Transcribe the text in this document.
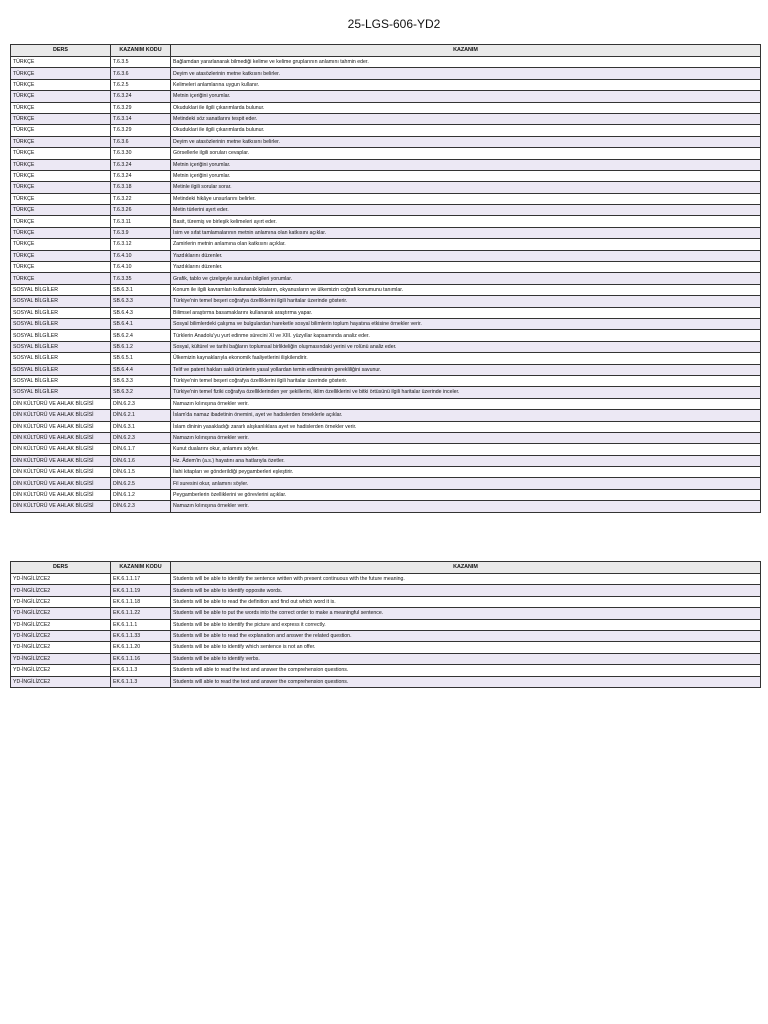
25-LGS-606-YD2
DERS	KAZANIM KODU	KAZANIM
TÜRKÇE	T.6.3.5	Bağlamdan yararlanarak bilmediği kelime ve kelime gruplarının anlamını tahmin eder.
TÜRKÇE	T.6.3.6	Deyim ve atasözlerinin metne katkısını belirler.
TÜRKÇE	T.6.2.5	Kelimeleri anlamlarına uygun kullanır.
TÜRKÇE	T.6.3.24	Metnin içeriğini yorumlar.
TÜRKÇE	T.6.3.29	Okuduklari ile ilgili çıkarımlarda bulunur.
TÜRKÇE	T.6.3.14	Metindeki söz sanatlarını tespit eder.
TÜRKÇE	T.6.3.29	Okuduklari ile ilgili çıkarımlarda bulunur.
TÜRKÇE	T.6.3.6	Deyim ve atasözlerinin metne katkısını belirler.
TÜRKÇE	T.6.3.30	Görsellerle ilgili soruları cevaplar.
TÜRKÇE	T.6.3.24	Metnin içeriğini yorumlar.
TÜRKÇE	T.6.3.24	Metnin içeriğini yorumlar.
TÜRKÇE	T.6.3.18	Metinle ilgili sorular sorar.
TÜRKÇE	T.6.3.22	Metindeki hikâye unsurlarını belirler.
TÜRKÇE	T.6.3.26	Metin türlerini ayırt eder.
TÜRKÇE	T.6.3.11	Basit, türemiş ve birleşik kelimeleri ayırt eder.
TÜRKÇE	T.6.3.9	İsim ve sıfat tamlamalarının metnin anlamına olan katkısını açıklar.
TÜRKÇE	T.6.3.12	Zamirlerin metnin anlamına olan katkısını açıklar.
TÜRKÇE	T.6.4.10	Yazdıklarını düzenler.
TÜRKÇE	T.6.4.10	Yazdıklarını düzenler.
TÜRKÇE	T.6.3.35	Grafik, tablo ve çizelgeyle sunulan bilgileri yorumlar.
SOSYAL BİLGİLER	SB.6.3.1	Konum ile ilgili kavramları kullanarak kıtaların, okyanusların ve ülkemizin coğrafi konumunu tanımlar.
SOSYAL BİLGİLER	SB.6.3.3	Türkiye'nin temel beşeri coğrafya özelliklerini ilgili haritalar üzerinde gösterir.
SOSYAL BİLGİLER	SB.6.4.3	Bilimsel araştırma basamaklarını kullanarak araştırma yapar.
SOSYAL BİLGİLER	SB.6.4.1	Sosyal bilimlerdeki çalışma ve bulgulardan hareketle sosyal bilimlerin toplum hayatına etkisine örnekler verir.
SOSYAL BİLGİLER	SB.6.2.4	Türklerin Anadolu'yu yurt edinme sürecini XI ve XIII. yüzyıllar kapsamında analiz eder.
SOSYAL BİLGİLER	SB.6.1.2	Sosyal, kültürel ve tarihi bağların toplumsal birlikteliğin oluşmasındaki yerini ve rolünü analiz eder.
SOSYAL BİLGİLER	SB.6.5.1	Ülkemizin kaynaklarıyla ekonomik faaliyetlerini ilişkilendirir.
SOSYAL BİLGİLER	SB.6.4.4	Telif ve patent hakları sakli ürünlerin yasal yollardan temin edilmesinin gerekliliğini savunur.
SOSYAL BİLGİLER	SB.6.3.3	Türkiye'nin temel beşeri coğrafya özelliklerini ilgili haritalar üzerinde gösterir.
SOSYAL BİLGİLER	SB.6.3.2	Türkiye'nin temel fiziki coğrafya özelliklerinden yer şekillerini, iklim özelliklerini ve bitki örtüsünü ilgili haritalar üzerinde inceler.
DİN KÜLTÜRÜ VE AHLAK BİLGİSİ	DİN.6.2.3	Namazın kılınışına örnekler verir.
DİN KÜLTÜRÜ VE AHLAK BİLGİSİ	DİN.6.2.1	İslam'da namaz ibadetinin önemini, ayet ve hadislerden örneklerle açıklar.
DİN KÜLTÜRÜ VE AHLAK BİLGİSİ	DİN.6.3.1	İslam dininin yasakladığı zararlı alışkanlıklara ayet ve hadislerden örnekler verir.
DİN KÜLTÜRÜ VE AHLAK BİLGİSİ	DİN.6.2.3	Namazın kılınışına örnekler verir.
DİN KÜLTÜRÜ VE AHLAK BİLGİSİ	DİN.6.1.7	Kunut dualarını okur, anlamını söyler.
DİN KÜLTÜRÜ VE AHLAK BİLGİSİ	DİN.6.1.6	Hz. Âdem'in (a.s.) hayatını ana hatlarıyla özetler.
DİN KÜLTÜRÜ VE AHLAK BİLGİSİ	DİN.6.1.5	İlahi kitapları ve gönderildiği peygamberleri eşleştirir.
DİN KÜLTÜRÜ VE AHLAK BİLGİSİ	DİN.6.2.5	Fil suresini okur, anlamını söyler.
DİN KÜLTÜRÜ VE AHLAK BİLGİSİ	DİN.6.1.2	Peygamberlerin özelliklerini ve görevlerini açıklar.
DİN KÜLTÜRÜ VE AHLAK BİLGİSİ	DİN.6.2.3	Namazın kılınışına örnekler verir.
DERS	KAZANIM KODU	KAZANIM
YD-İNGİLİZCE2	EK.6.1.1.17	Students will be able to identify the sentence written with present continuous with the future meaning.
YD-İNGİLİZCE2	EK.6.1.1.19	Students will be able to identify opposite words.
YD-İNGİLİZCE2	EK.6.1.1.18	Students will be able to read the definition and find out which word it is.
YD-İNGİLİZCE2	EK.6.1.1.22	Students will be able to put the words into the correct order to make a meaningful sentence.
YD-İNGİLİZCE2	EK.6.1.1.1	Students will be able to identify the picture and express it correctly.
YD-İNGİLİZCE2	EK.6.1.1.33	Students will be able to read the explanation and answer the related question.
YD-İNGİLİZCE2	EK.6.1.1.20	Students will be able to identify which sentence is not an offer.
YD-İNGİLİZCE2	EK.6.1.1.16	Students will be able to identify verbs.
YD-İNGİLİZCE2	EK.6.1.1.3	Students will able to read the text and answer the comprehension questions.
YD-İNGİLİZCE2	EK.6.1.1.3	Students will able to read the text and answer the comprehension questions.
